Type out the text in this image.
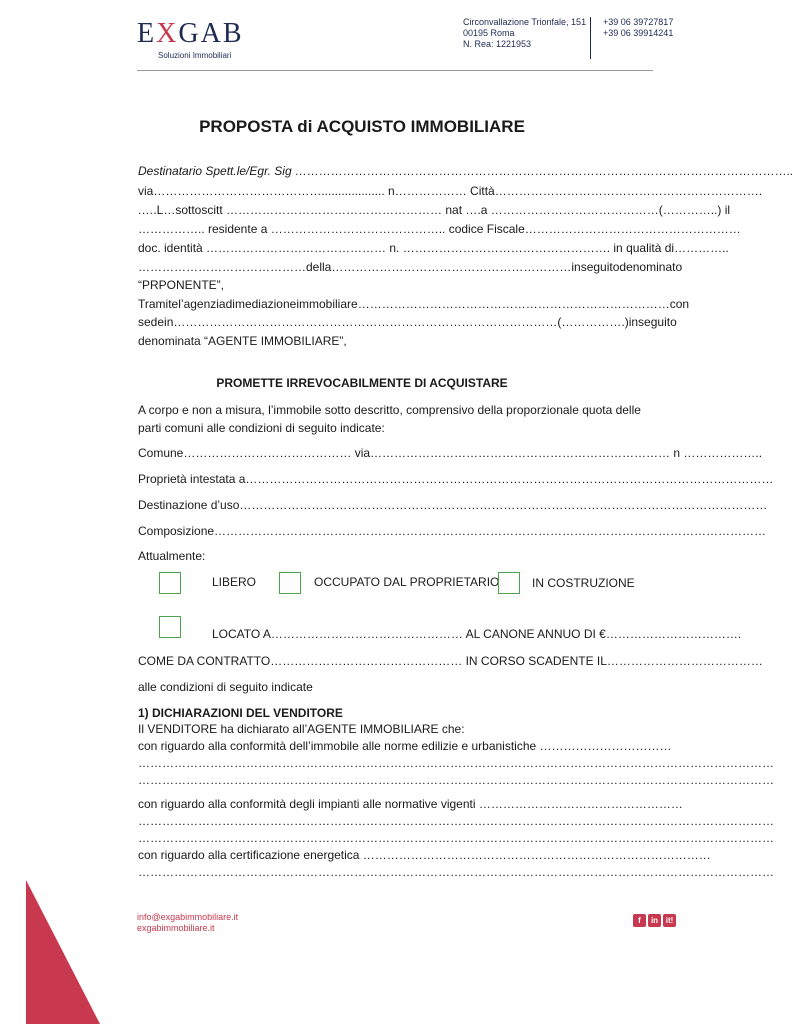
EXGAB
Soluzioni Immobiliari
Circonvallazione Trionfale, 151
00195 Roma
N. Rea: 1221953
+39 06 39727817
+39 06 39914241
PROPOSTA di ACQUISTO IMMOBILIARE
Destinatario Spett.le/Egr. Sig ……………………………………………………………………………………………………………..
via……………………………………................... n……………… Città………………………………………………………….
.….L…sottoscitt ……………………………………………… nat ….a ……………………………………(…………..) il
…………….. residente a …………………………………….. codice Fiscale………………………………………………
doc. identità ……………………………………… n. ……………………………………………. in qualità di…………..
…………………………………… della……………………………………………………in seguito denominato
“PRPONENTE”,
Tramite l’agenzia di mediazione immobiliare ……………………………………………………………………con
sede in ……………………………………………………………………………………(…………….) in seguito
denominata “AGENTE IMMOBILIARE”,
PROMETTE IRREVOCABILMENTE DI ACQUISTARE
A corpo e non a misura, l’immobile sotto descritto, comprensivo della proporzionale quota delle
parti comuni alle condizioni di seguito indicate:
Comune…………………………………… via………………………………………………………………… n ………………..
Proprietà intestata a……………………………………………………………………………………………………………………
Destinazione d’uso……………………………………………………………………………………………………………………
Composizione…………………………………………………………………………………………………………………………
Attualmente:
LIBERO	OCCUPATO DAL PROPRIETARIO	IN COSTRUZIONE
LOCATO A………………………………………… AL CANONE ANNUO DI €…………………………….
COME DA CONTRATTO………………………………………… IN CORSO SCADENTE IL…………………………………
alle condizioni di seguito indicate
1) DICHIARAZIONI DEL VENDITORE
Il VENDITORE ha dichiarato all’AGENTE IMMOBILIARE che:
con riguardo alla conformità dell’immobile alle norme edilizie e urbanistiche ……………………………
……………………………………………………………………………………………………………………………………………
……………………………………………………………………………………………………………………………………………
con riguardo alla conformità degli impianti alle normative vigenti ……………………………………………
……………………………………………………………………………………………………………………………………………
……………………………………………………………………………………………………………………………………………
con riguardo alla certificazione energetica ……………………………………………………………………………
……………………………………………………………………………………………………………………………………………
info@exgabimmobiliare.it
exgabimmobiliare.it
f	in it!
